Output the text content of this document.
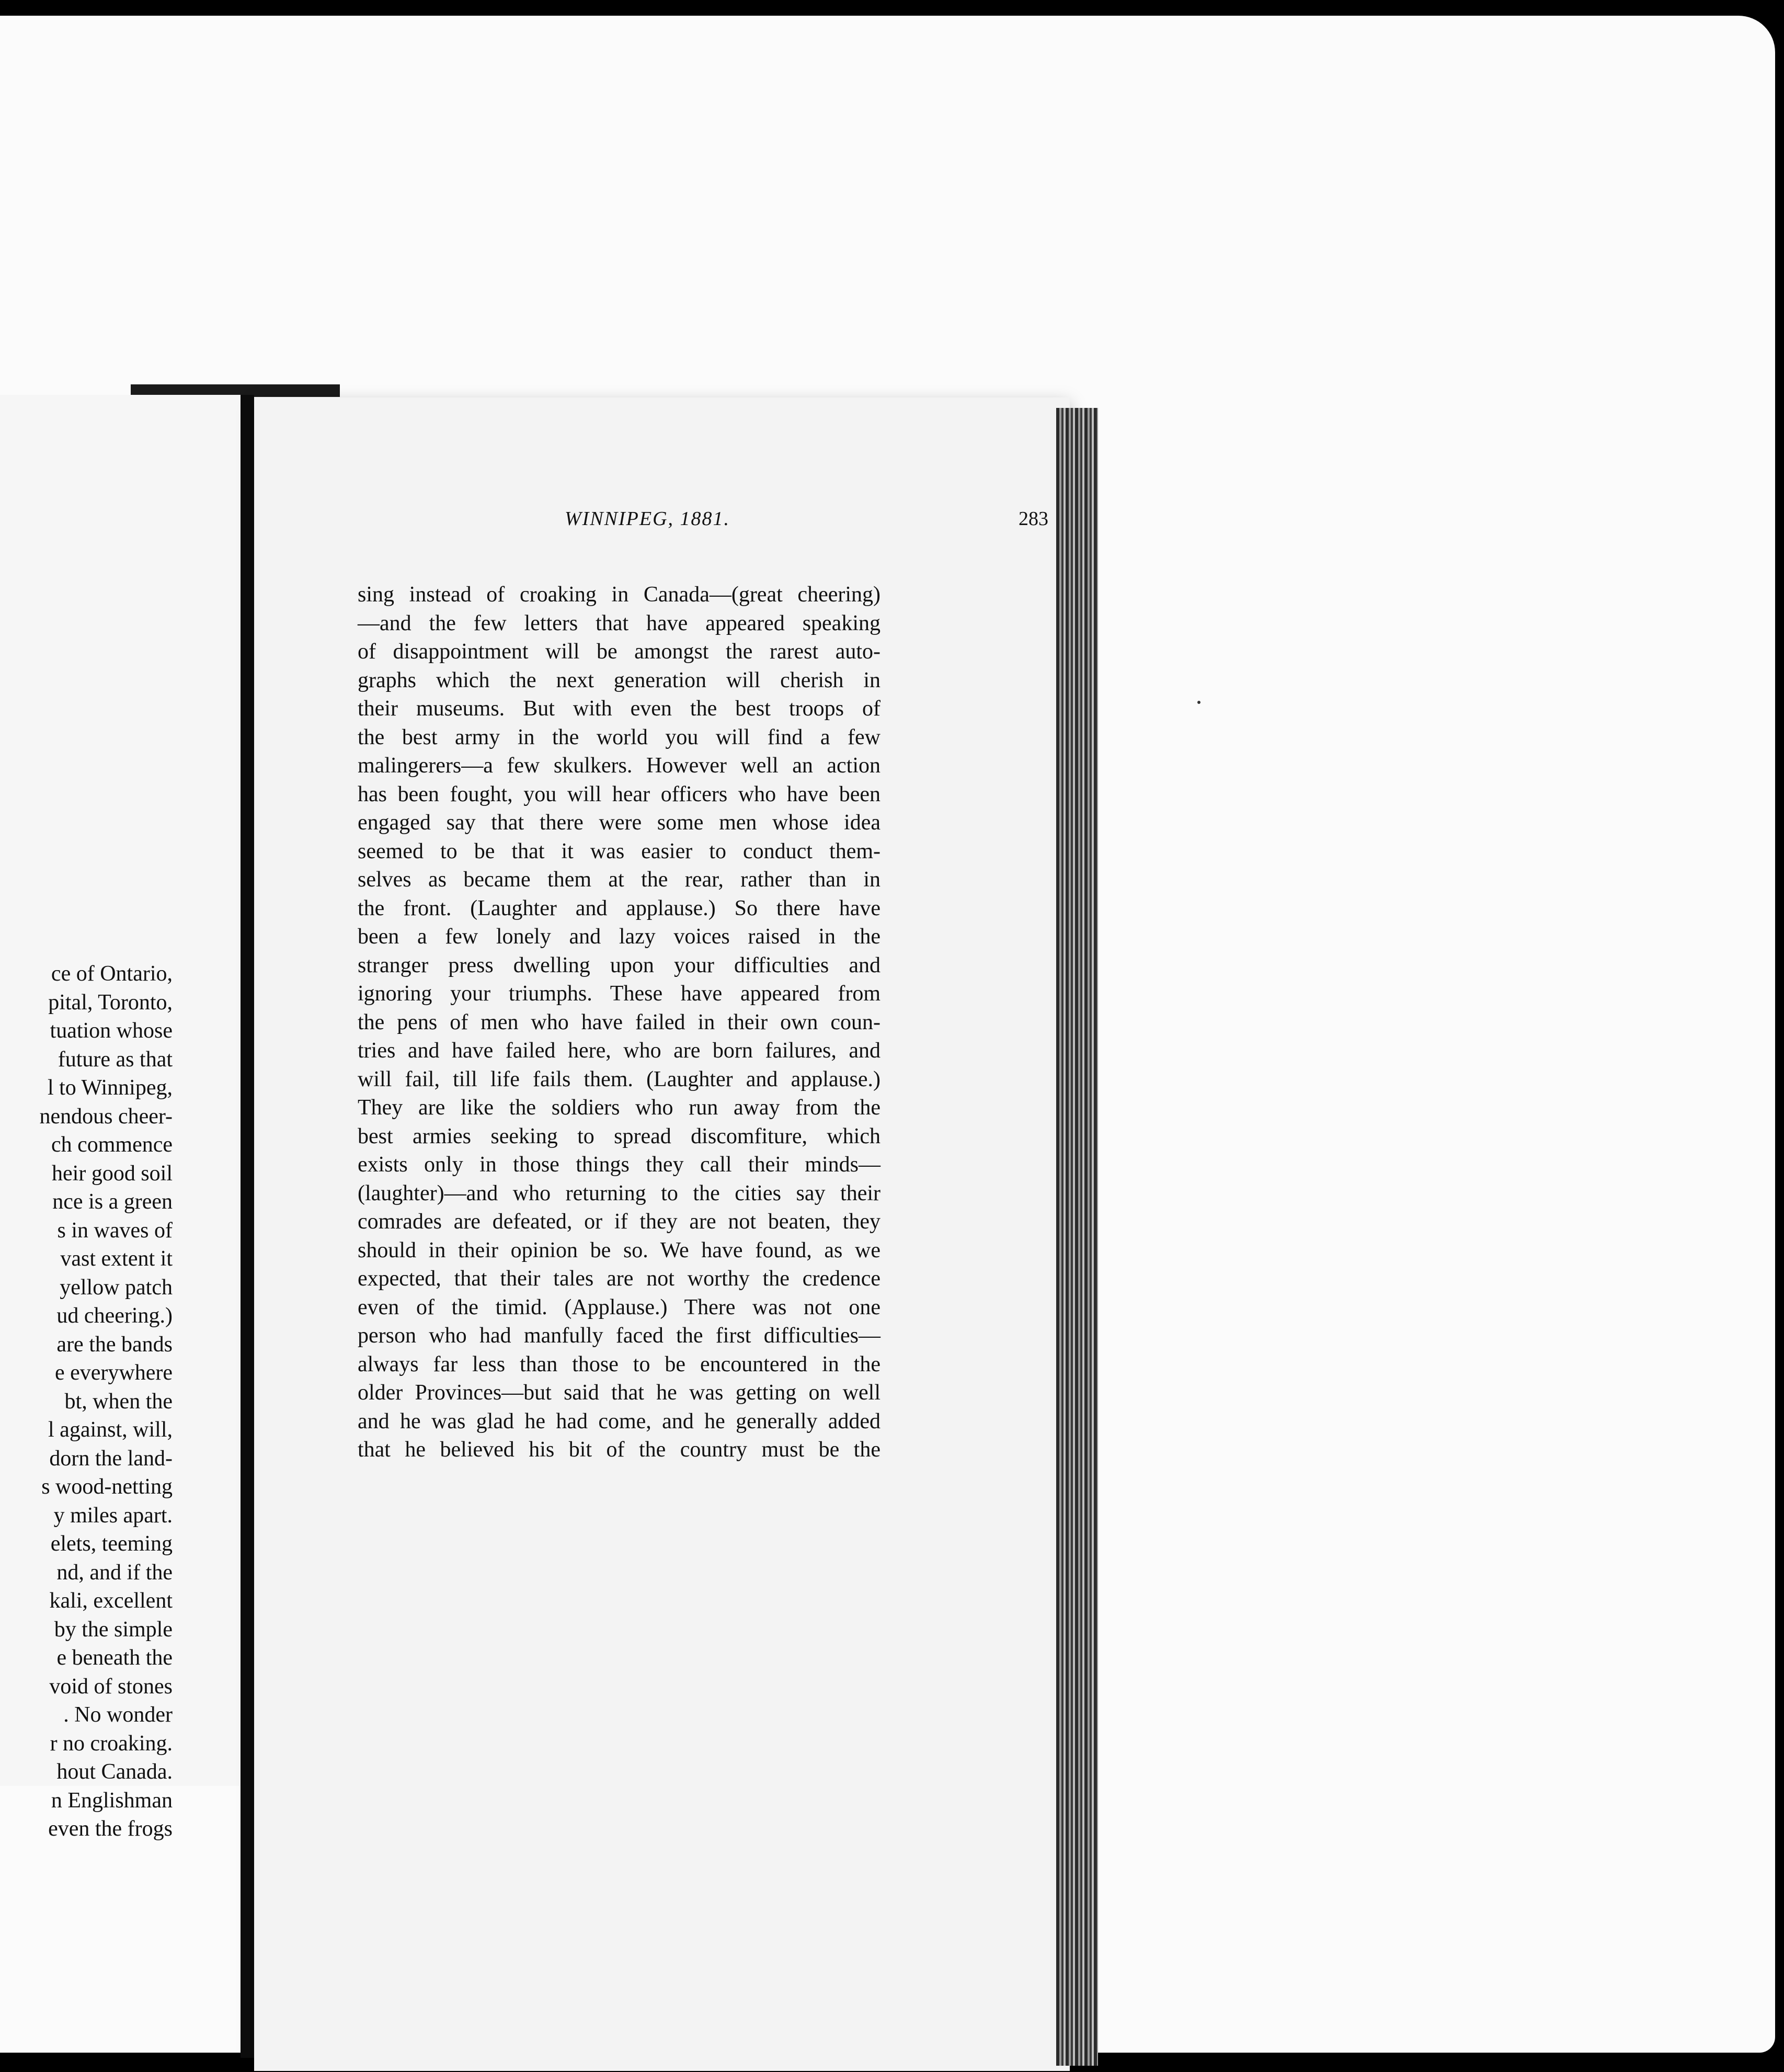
ce of Ontario,
pital, Toronto,
tuation whose
future as that
l to Winnipeg,
nendous cheer-
ch commence
heir good soil
nce is a green
s in waves of
vast extent it
yellow patch
ud cheering.)
are the bands
e everywhere
bt, when the
l against, will,
dorn the land-
s wood-netting
y miles apart.
elets, teeming
nd, and if the
kali, excellent
by the simple
e beneath the
void of stones
. No wonder
r no croaking.
hout Canada.
n Englishman
even the frogs
WINNIPEG, 1881.	283
sing instead of croaking in Canada—(great cheering)
—and the few letters that have appeared speaking
of disappointment will be amongst the rarest auto-
graphs which the next generation will cherish in
their museums. But with even the best troops of
the best army in the world you will find a few
malingerers—a few skulkers. However well an action
has been fought, you will hear officers who have been
engaged say that there were some men whose idea
seemed to be that it was easier to conduct them-
selves as became them at the rear, rather than in
the front. (Laughter and applause.) So there have
been a few lonely and lazy voices raised in the
stranger press dwelling upon your difficulties and
ignoring your triumphs. These have appeared from
the pens of men who have failed in their own coun-
tries and have failed here, who are born failures, and
will fail, till life fails them. (Laughter and applause.)
They are like the soldiers who run away from the
best armies seeking to spread discomfiture, which
exists only in those things they call their minds—
(laughter)—and who returning to the cities say their
comrades are defeated, or if they are not beaten, they
should in their opinion be so. We have found, as we
expected, that their tales are not worthy the credence
even of the timid. (Applause.) There was not one
person who had manfully faced the first difficulties—
always far less than those to be encountered in the
older Provinces—but said that he was getting on well
and he was glad he had come, and he generally added
that he believed his bit of the country must be the
